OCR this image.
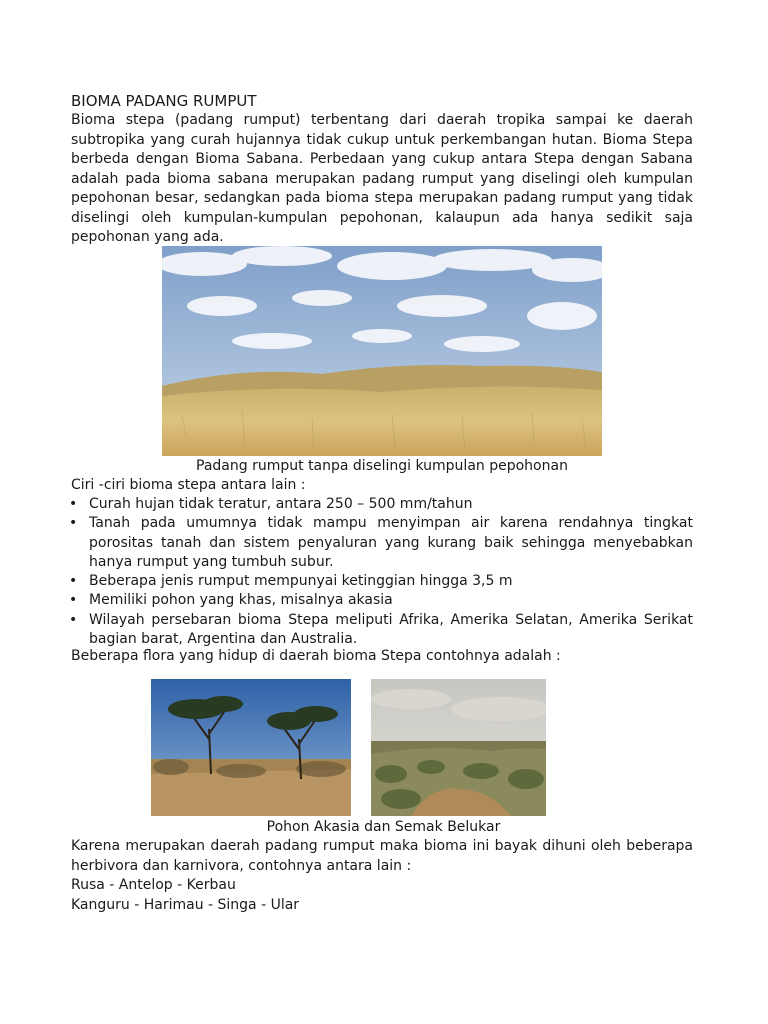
BIOMA PADANG RUMPUT

Bioma stepa (padang rumput) terbentang dari daerah tropika sampai ke daerah subtropika yang curah hujannya tidak cukup untuk perkembangan hutan. Bioma Stepa berbeda dengan Bioma Sabana. Perbedaan yang cukup antara Stepa dengan Sabana adalah pada bioma sabana merupakan padang rumput yang diselingi oleh kumpulan pepohonan besar, sedangkan pada bioma stepa merupakan padang rumput yang tidak diselingi oleh kumpulan-kumpulan pepohonan, kalaupun ada hanya sedikit saja pepohonan yang ada.

Padang rumput tanpa diselingi kumpulan pepohonan
Ciri -ciri bioma stepa antara lain :
• Curah hujan tidak teratur, antara 250 – 500 mm/tahun
• Tanah pada umumnya tidak mampu menyimpan air karena rendahnya tingkat porositas tanah dan sistem penyaluran yang kurang baik sehingga menyebabkan hanya rumput yang tumbuh subur.
• Beberapa jenis rumput mempunyai ketinggian hingga 3,5 m
• Memiliki pohon yang khas, misalnya akasia
• Wilayah persebaran bioma Stepa meliputi Afrika, Amerika Selatan, Amerika Serikat bagian barat, Argentina dan Australia.
Beberapa flora yang hidup di daerah bioma Stepa contohnya adalah :
Pohon Akasia dan Semak Belukar

Karena merupakan daerah padang rumput maka bioma ini bayak dihuni oleh beberapa herbivora dan karnivora, contohnya antara lain :

Rusa - Antelop - Kerbau
Kanguru - Harimau - Singa - Ular
